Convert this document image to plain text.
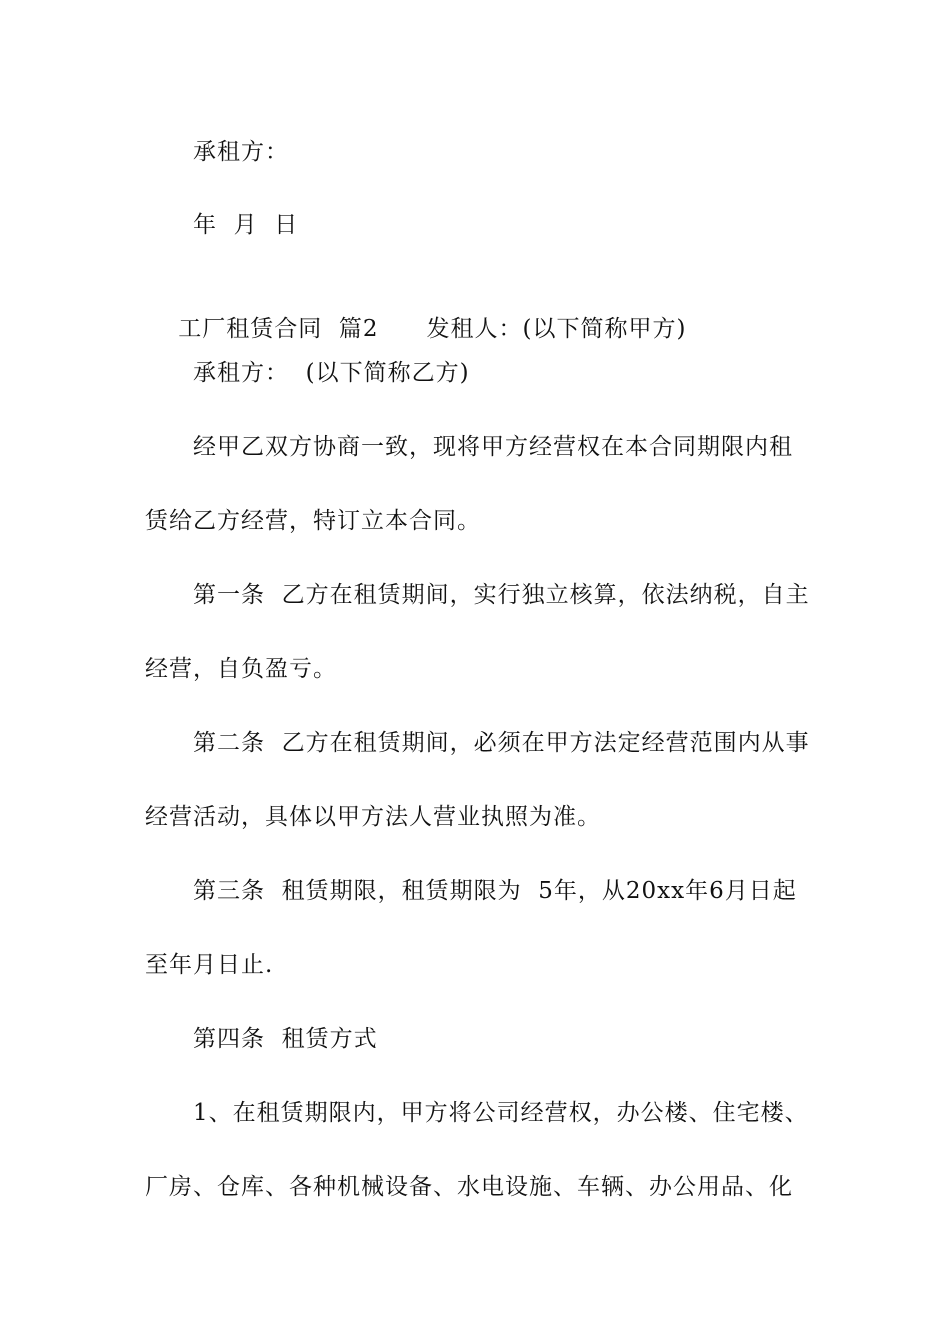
承租方：
年  月  日

工厂租赁合同  篇2 发租人：(以下简称甲方)

承租方：  (以下简称乙方)
经甲乙双方协商一致，现将甲方经营权在本合同期限内租
赁给乙方经营，特订立本合同。
第一条  乙方在租赁期间，实行独立核算，依法纳税，自主
经营，自负盈亏。
第二条  乙方在租赁期间，必须在甲方法定经营范围内从事
经营活动，具体以甲方法人营业执照为准。
第三条  租赁期限，租赁期限为  5年，从20xx年6月日起
至年月日止.
第四条  租赁方式
1、在租赁期限内，甲方将公司经营权，办公楼、住宅楼、
厂房、仓库、各种机械设备、水电设施、车辆、办公用品、化
